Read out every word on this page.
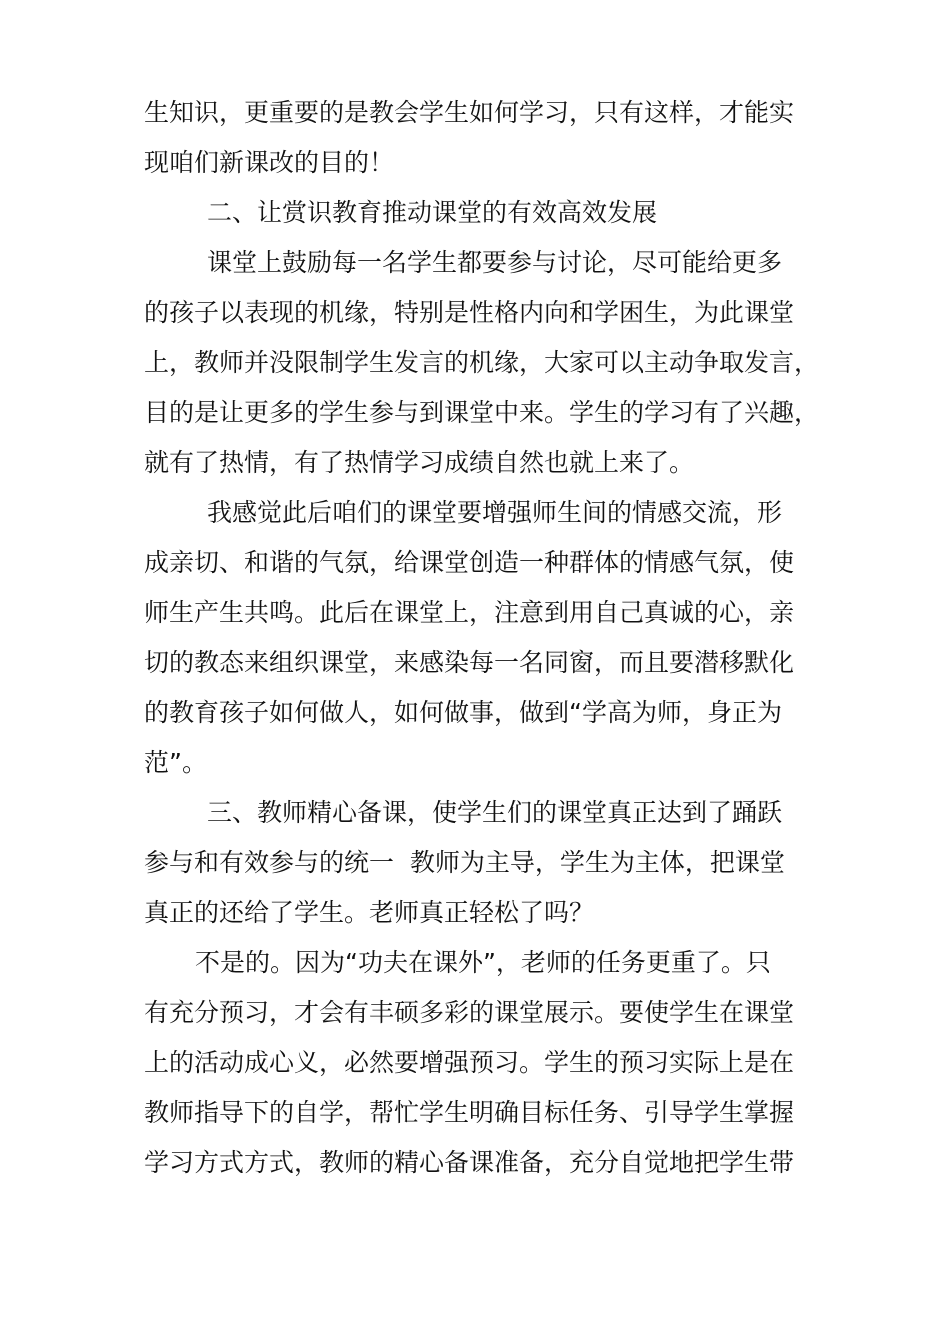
生知识，更重要的是教会学生如何学习，只有这样，才能实
现咱们新课改的目的！
二、让赏识教育推动课堂的有效高效发展
课堂上鼓励每一名学生都要参与讨论，尽可能给更多
的孩子以表现的机缘，特别是性格内向和学困生，为此课堂
上，教师并没限制学生发言的机缘，大家可以主动争取发言，
目的是让更多的学生参与到课堂中来。学生的学习有了兴趣，
就有了热情，有了热情学习成绩自然也就上来了。
我感觉此后咱们的课堂要增强师生间的情感交流，形
成亲切、和谐的气氛，给课堂创造一种群体的情感气氛，使
师生产生共鸣。此后在课堂上，注意到用自己真诚的心，亲
切的教态来组织课堂，来感染每一名同窗，而且要潜移默化
的教育孩子如何做人，如何做事，做到“学高为师，身正为
范”。
三、教师精心备课，使学生们的课堂真正达到了踊跃
参与和有效参与的统一  教师为主导，学生为主体，把课堂
真正的还给了学生。老师真正轻松了吗？
不是的。因为“功夫在课外”，老师的任务更重了。只
有充分预习，才会有丰硕多彩的课堂展示。要使学生在课堂
上的活动成心义，必然要增强预习。学生的预习实际上是在
教师指导下的自学，帮忙学生明确目标任务、引导学生掌握
学习方式方式，教师的精心备课准备，充分自觉地把学生带
